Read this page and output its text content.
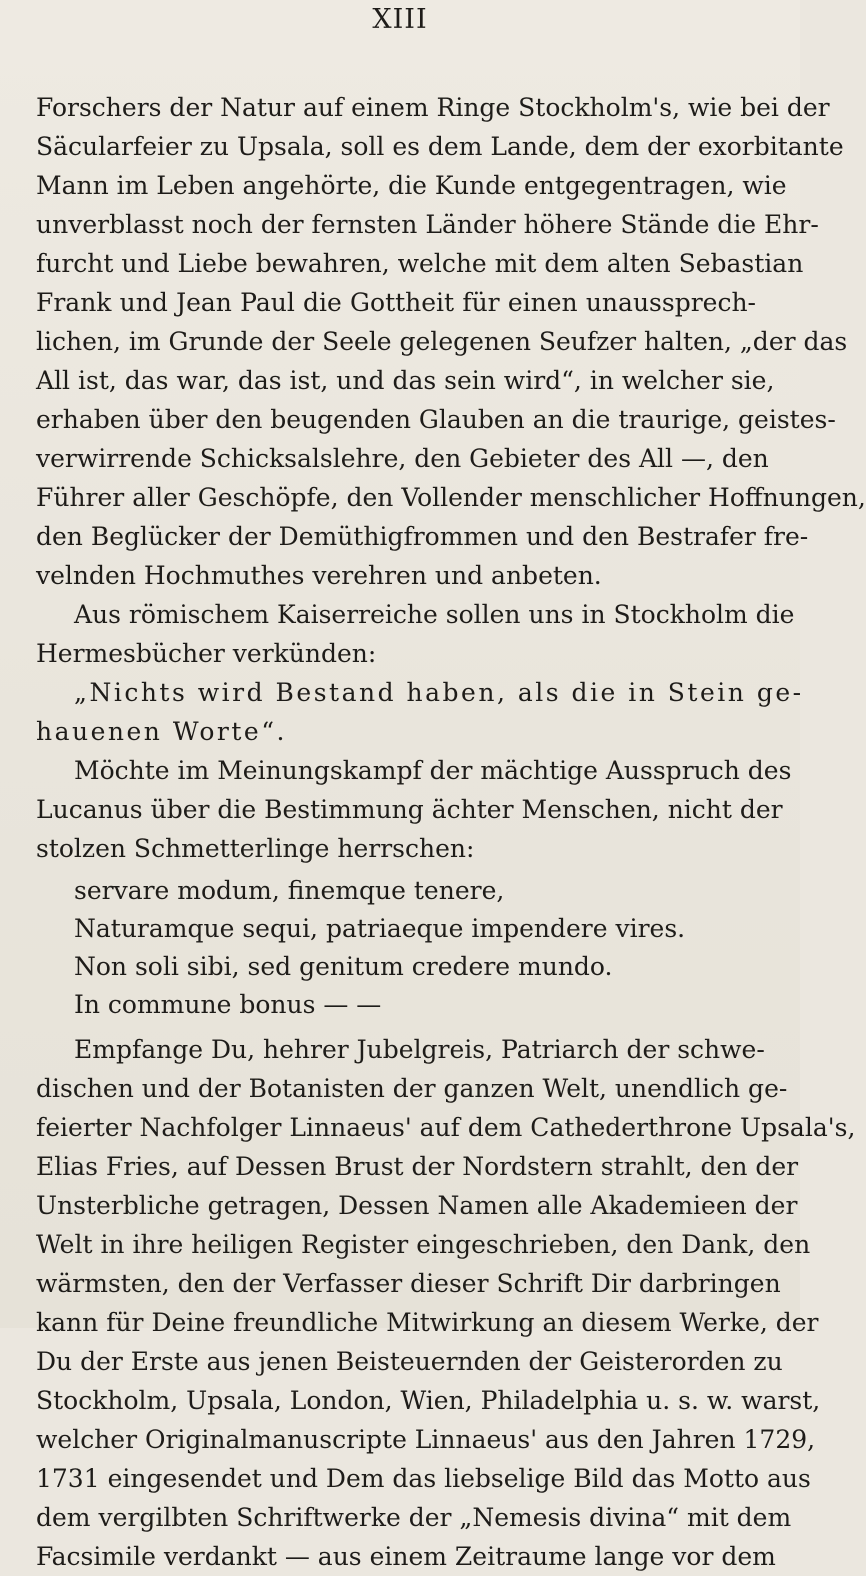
XIII
Forschers der Natur auf einem Ringe Stockholm's, wie bei der
Säcularfeier zu Upsala, soll es dem Lande, dem der exorbitante
Mann im Leben angehörte, die Kunde entgegentragen, wie
unverblasst noch der fernsten Länder höhere Stände die Ehr-
furcht und Liebe bewahren, welche mit dem alten Sebastian
Frank und Jean Paul die Gottheit für einen unaussprech-
lichen, im Grunde der Seele gelegenen Seufzer halten, „der das
All ist, das war, das ist, und das sein wird“, in welcher sie,
erhaben über den beugenden Glauben an die traurige, geistes-
verwirrende Schicksalslehre, den Gebieter des All —, den
Führer aller Geschöpfe, den Vollender menschlicher Hoffnungen,
den Beglücker der Demüthigfrommen und den Bestrafer fre-
velnden Hochmuthes verehren und anbeten.
Aus römischem Kaiserreiche sollen uns in Stockholm die
Hermesbücher verkünden:
„Nichts wird Bestand haben, als die in Stein ge-
hauenen Worte“.
Möchte im Meinungskampf der mächtige Ausspruch des
Lucanus über die Bestimmung ächter Menschen, nicht der
stolzen Schmetterlinge herrschen:
servare modum, finemque tenere,
Naturamque sequi, patriaeque impendere vires.
Non soli sibi, sed genitum credere mundo.
In commune bonus — —
Empfange Du, hehrer Jubelgreis, Patriarch der schwe-
dischen und der Botanisten der ganzen Welt, unendlich ge-
feierter Nachfolger Linnaeus' auf dem Cathederthrone Upsala's,
Elias Fries, auf Dessen Brust der Nordstern strahlt, den der
Unsterbliche getragen, Dessen Namen alle Akademieen der
Welt in ihre heiligen Register eingeschrieben, den Dank, den
wärmsten, den der Verfasser dieser Schrift Dir darbringen
kann für Deine freundliche Mitwirkung an diesem Werke, der
Du der Erste aus jenen Beisteuernden der Geisterorden zu
Stockholm, Upsala, London, Wien, Philadelphia u. s. w. warst,
welcher Originalmanuscripte Linnaeus' aus den Jahren 1729,
1731 eingesendet und Dem das liebselige Bild das Motto aus
dem vergilbten Schriftwerke der „Nemesis divina“ mit dem
Facsimile verdankt — aus einem Zeitraume lange vor dem
